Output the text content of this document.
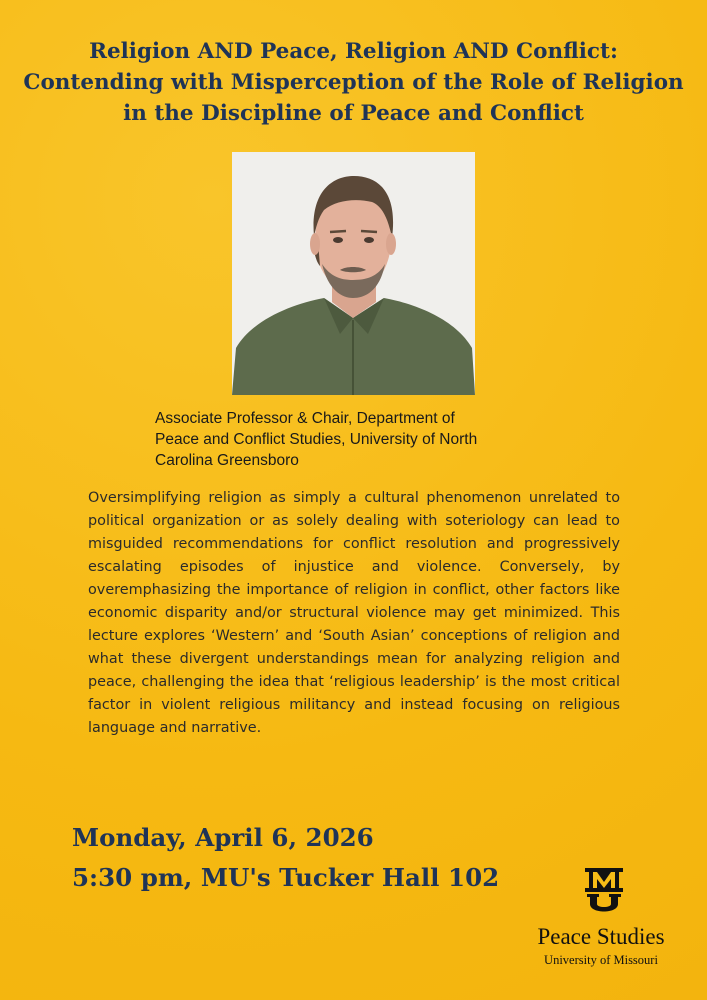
Religion AND Peace, Religion AND Conflict:
Contending with Misperception of the Role of Religion
in the Discipline of Peace and Conflict
Associate Professor & Chair, Department of
Peace and Conflict Studies, University of North
Carolina Greensboro
Oversimplifying religion as simply a cultural phenomenon unrelated to political organization or as solely dealing with soteriology can lead to misguided recommendations for conflict resolution and progressively escalating episodes of injustice and violence. Conversely, by overemphasizing the importance of religion in conflict, other factors like economic disparity and/or structural violence may get minimized. This lecture explores ‘Western’ and ‘South Asian’ conceptions of religion and what these divergent understandings mean for analyzing religion and peace, challenging the idea that ‘religious leadership’ is the most critical factor in violent religious militancy and instead focusing on religious language and narrative.
Monday, April 6, 2026
5:30 pm, MU's Tucker Hall 102
Peace Studies
University of Missouri
